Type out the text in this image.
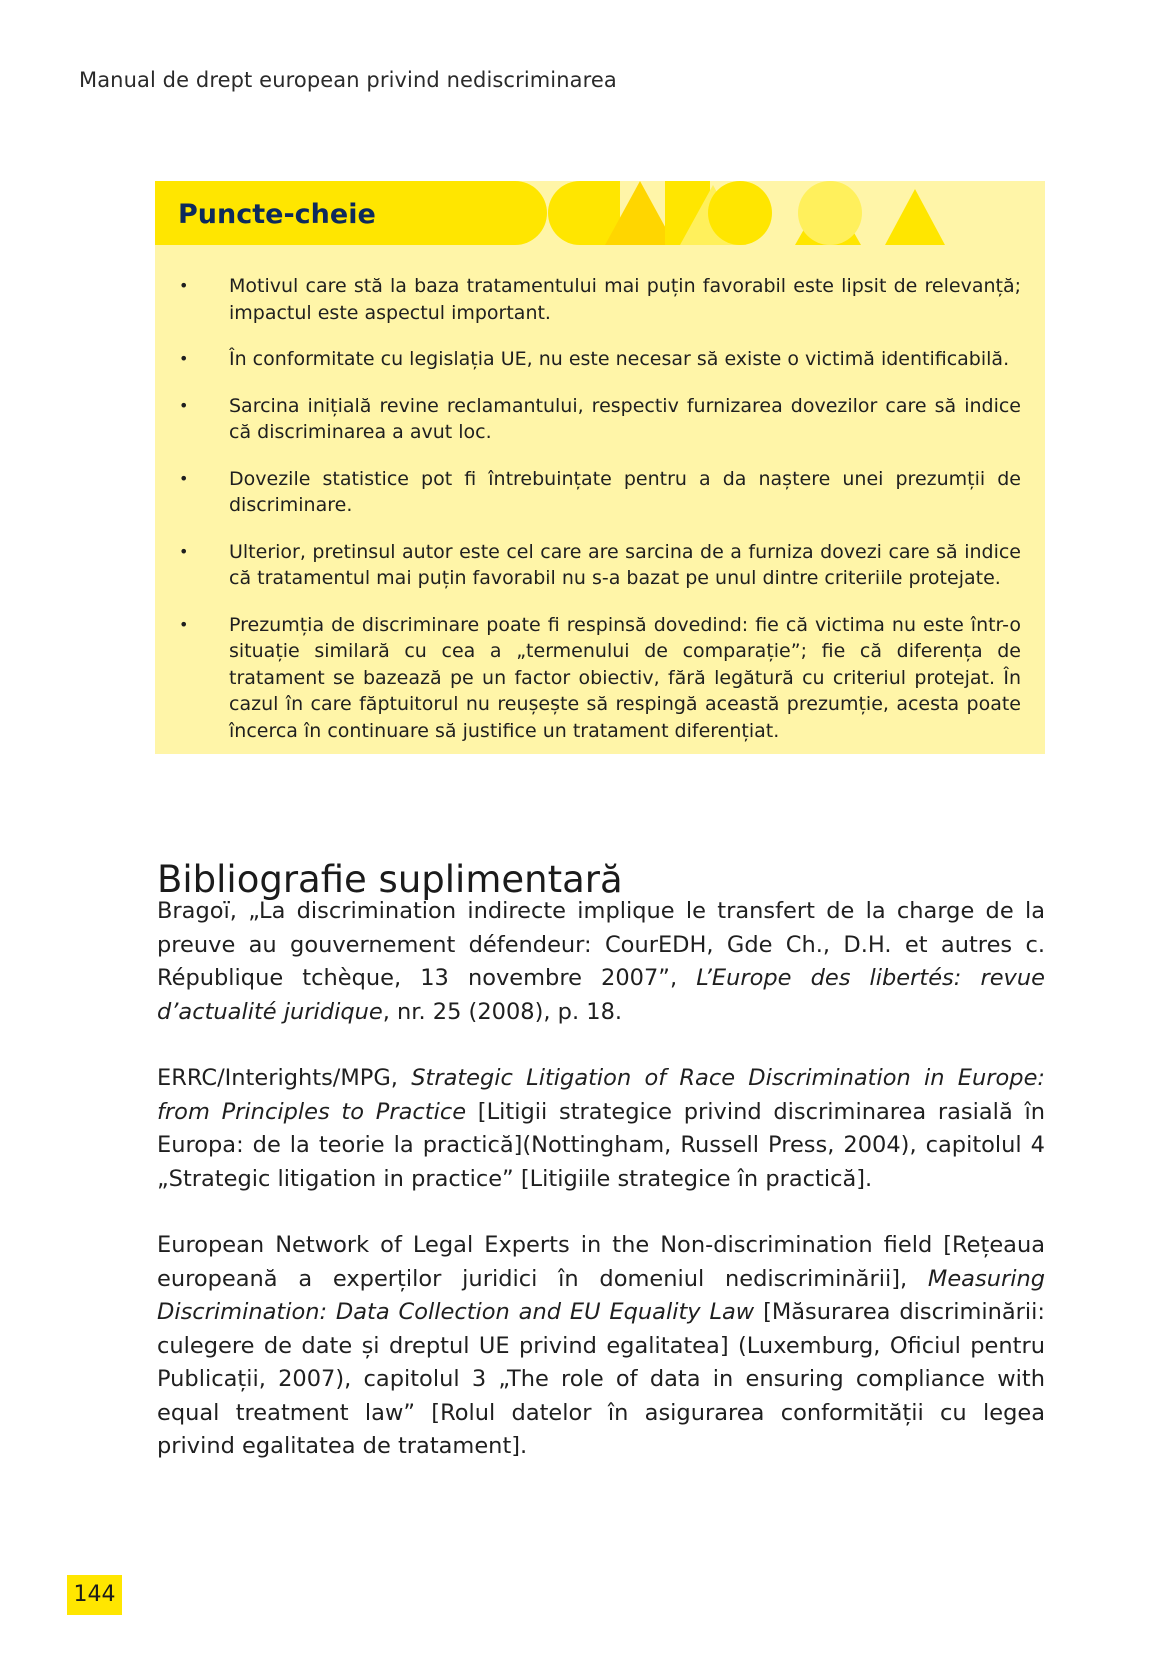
Manual de drept european privind nediscriminarea
Puncte-cheie
• Motivul care stă la baza tratamentului mai puțin favorabil este lipsit de relevanță; impactul este aspectul important.
• În conformitate cu legislația UE, nu este necesar să existe o victimă identificabilă.
• Sarcina inițială revine reclamantului, respectiv furnizarea dovezilor care să indice că discriminarea a avut loc.
• Dovezile statistice pot fi întrebuințate pentru a da naștere unei prezumții de discriminare.
• Ulterior, pretinsul autor este cel care are sarcina de a furniza dovezi care să indice că tratamentul mai puțin favorabil nu s-a bazat pe unul dintre criteriile protejate.
• Prezumția de discriminare poate fi respinsă dovedind: fie că victima nu este într-o situație similară cu cea a „termenului de comparație”; fie că diferența de tratament se bazează pe un factor obiectiv, fără legătură cu criteriul protejat. În cazul în care făptuitorul nu reușește să respingă această prezumție, acesta poate încerca în continuare să justifice un tratament diferențiat.
Bibliografie suplimentară

Bragoï, „La discrimination indirecte implique le transfert de la charge de la preuve au gouvernement défendeur: CourEDH, Gde Ch., D.H. et autres c. République tchèque, 13 novembre 2007”, L’Europe des libertés: revue d’actualité juridique, nr. 25 (2008), p. 18.

ERRC/Interights/MPG, Strategic Litigation of Race Discrimination in Europe: from Principles to Practice [Litigii strategice privind discriminarea rasială în Europa: de la teorie la practică](Nottingham, Russell Press, 2004), capitolul 4 „Strategic litigation in practice” [Litigiile strategice în practică].

European Network of Legal Experts in the Non-discrimination field [Rețeaua europeană a experților juridici în domeniul nediscriminării], Measuring Discrimination: Data Collection and EU Equality Law [Măsurarea discriminării: culegere de date și dreptul UE privind egalitatea] (Luxemburg, Oficiul pentru Publicații, 2007), capitolul 3 „The role of data in ensuring compliance with equal treatment law” [Rolul datelor în asigurarea conformității cu legea privind egalitatea de tratament].

144
